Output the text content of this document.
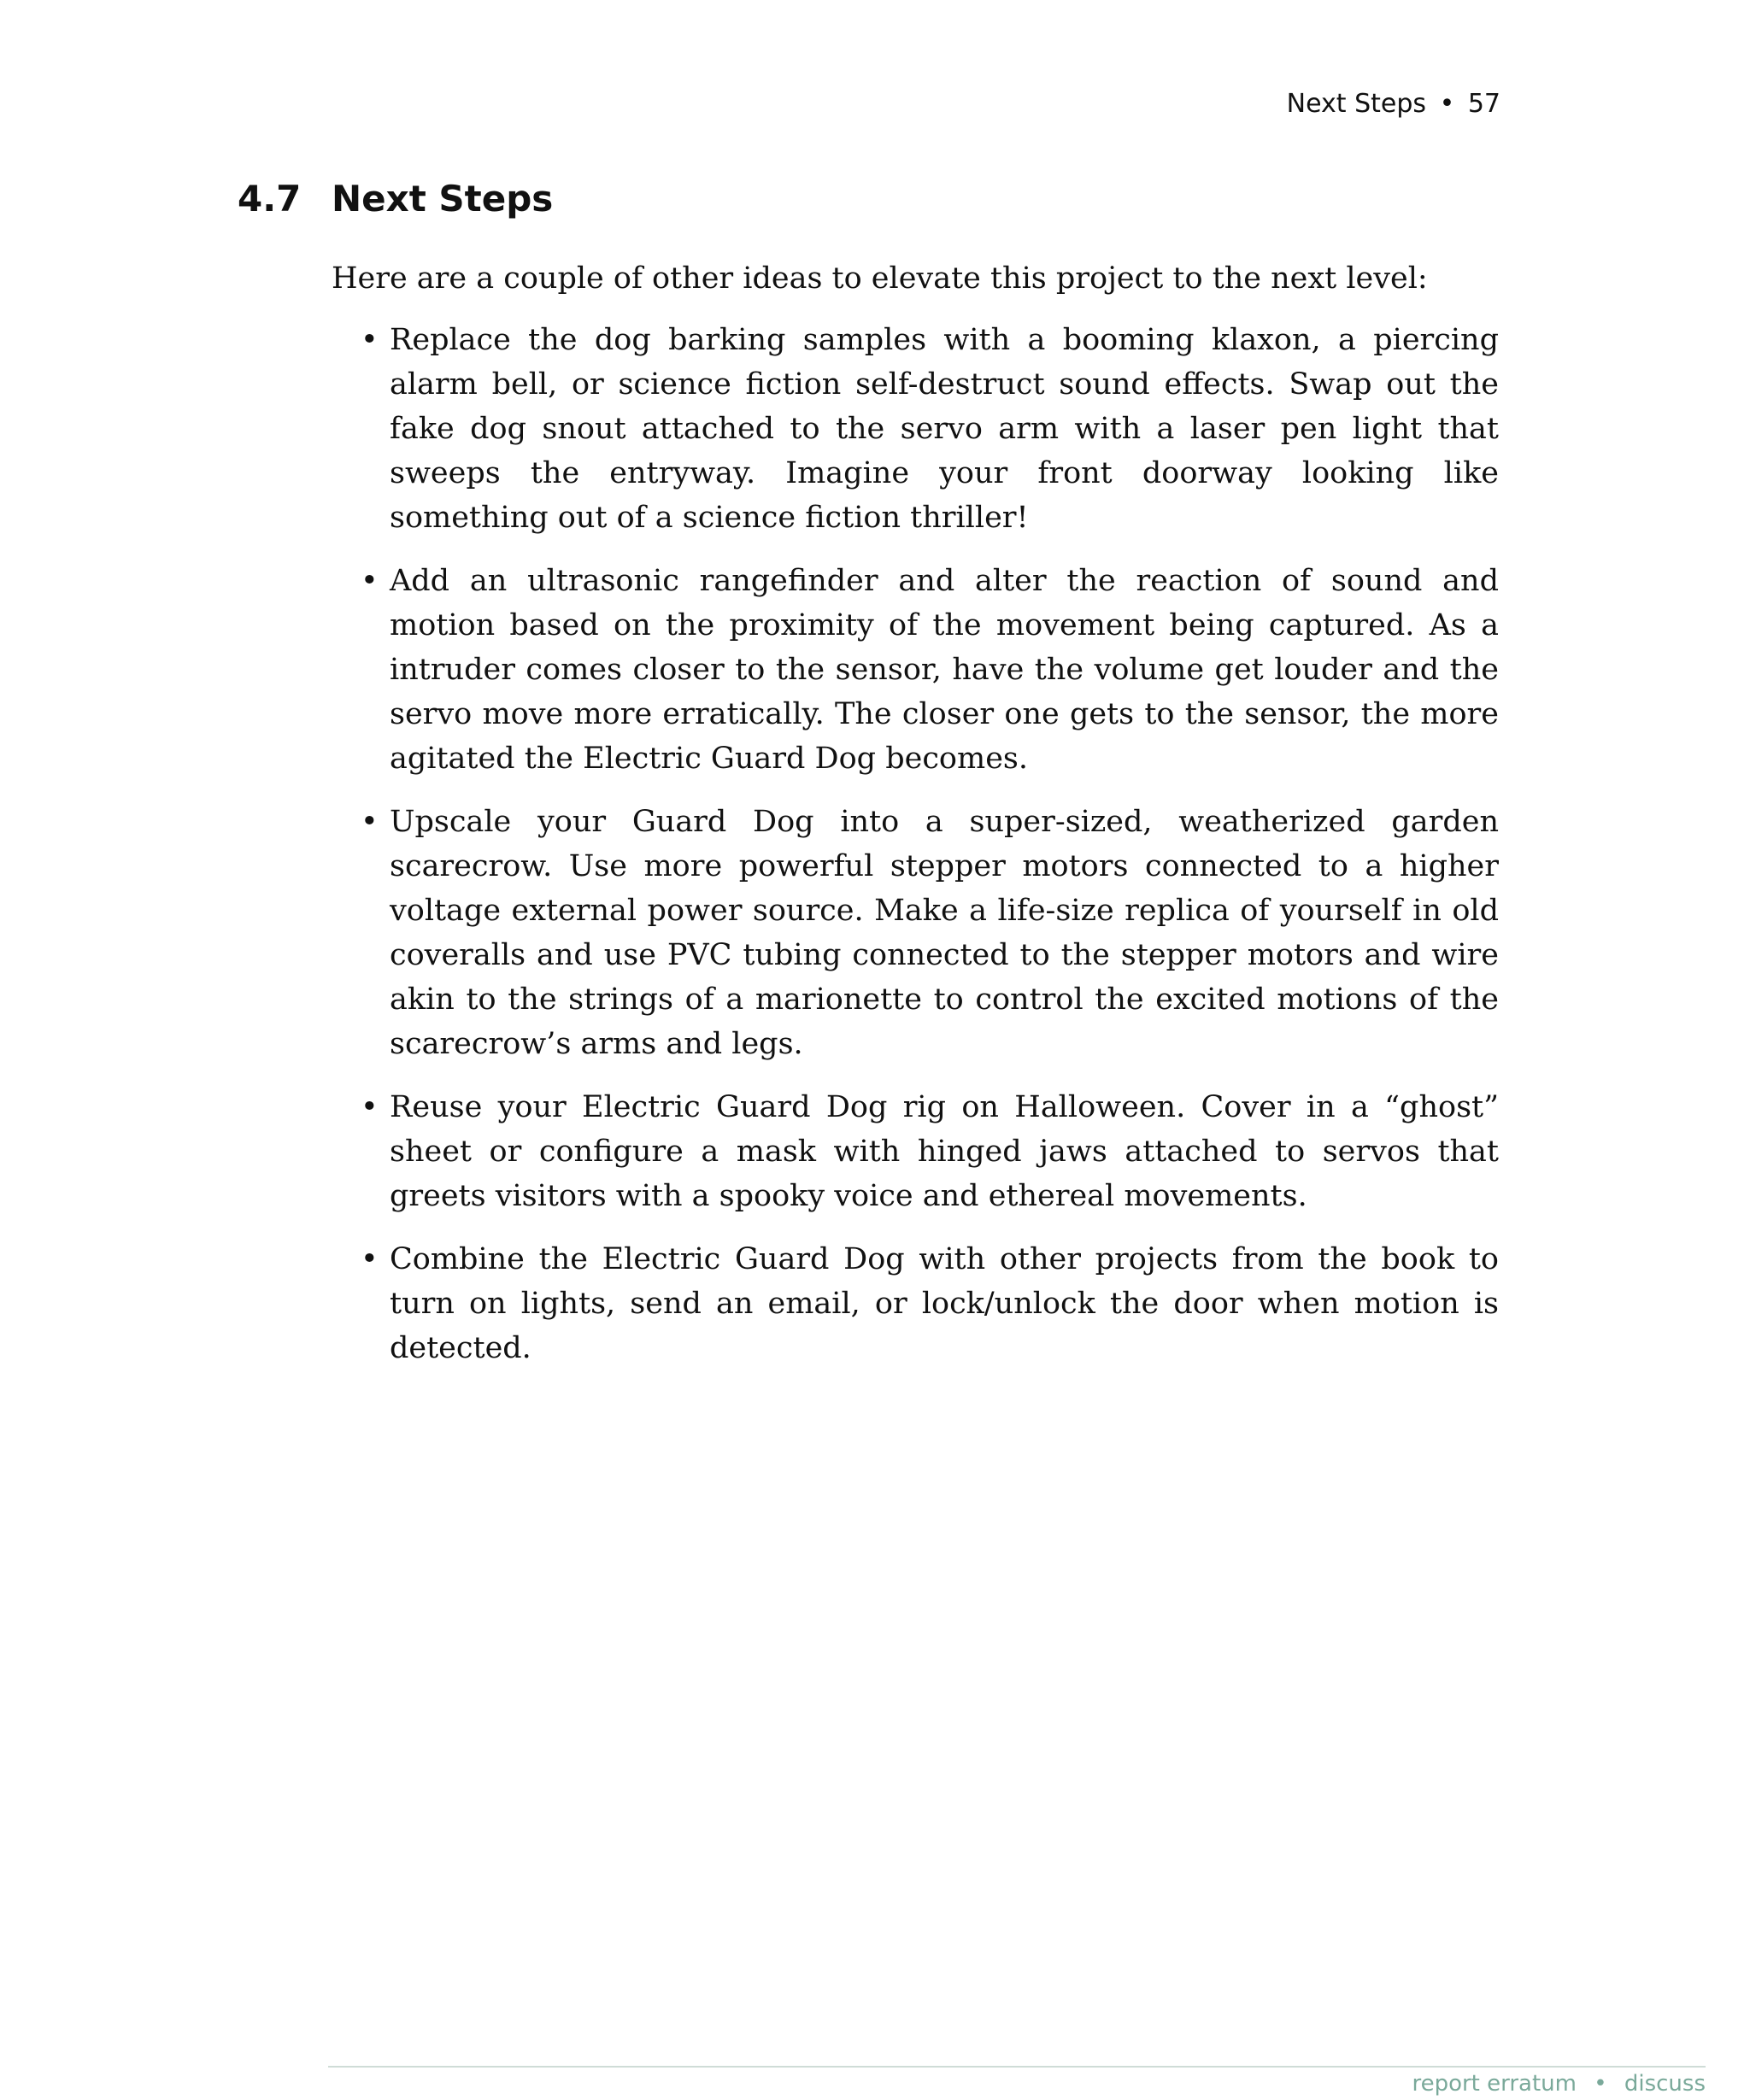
Next Steps • 57
4.7 Next Steps

Here are a couple of other ideas to elevate this project to the next level:

• Replace the dog barking samples with a booming klaxon, a piercing alarm bell, or science fiction self-destruct sound effects. Swap out the fake dog snout attached to the servo arm with a laser pen light that sweeps the entryway. Imagine your front doorway looking like something out of a science fiction thriller!
• Add an ultrasonic rangefinder and alter the reaction of sound and motion based on the proximity of the movement being captured. As a intruder comes closer to the sensor, have the volume get louder and the servo move more erratically. The closer one gets to the sensor, the more agitated the Electric Guard Dog becomes.
• Upscale your Guard Dog into a super-sized, weatherized garden scarecrow. Use more powerful stepper motors connected to a higher voltage external power source. Make a life-size replica of yourself in old coveralls and use PVC tubing connected to the stepper motors and wire akin to the strings of a marionette to control the excited motions of the scarecrow’s arms and legs.
• Reuse your Electric Guard Dog rig on Halloween. Cover in a “ghost” sheet or configure a mask with hinged jaws attached to servos that greets visitors with a spooky voice and ethereal movements.
• Combine the Electric Guard Dog with other projects from the book to turn on lights, send an email, or lock/unlock the door when motion is detected.
report erratum • discuss
